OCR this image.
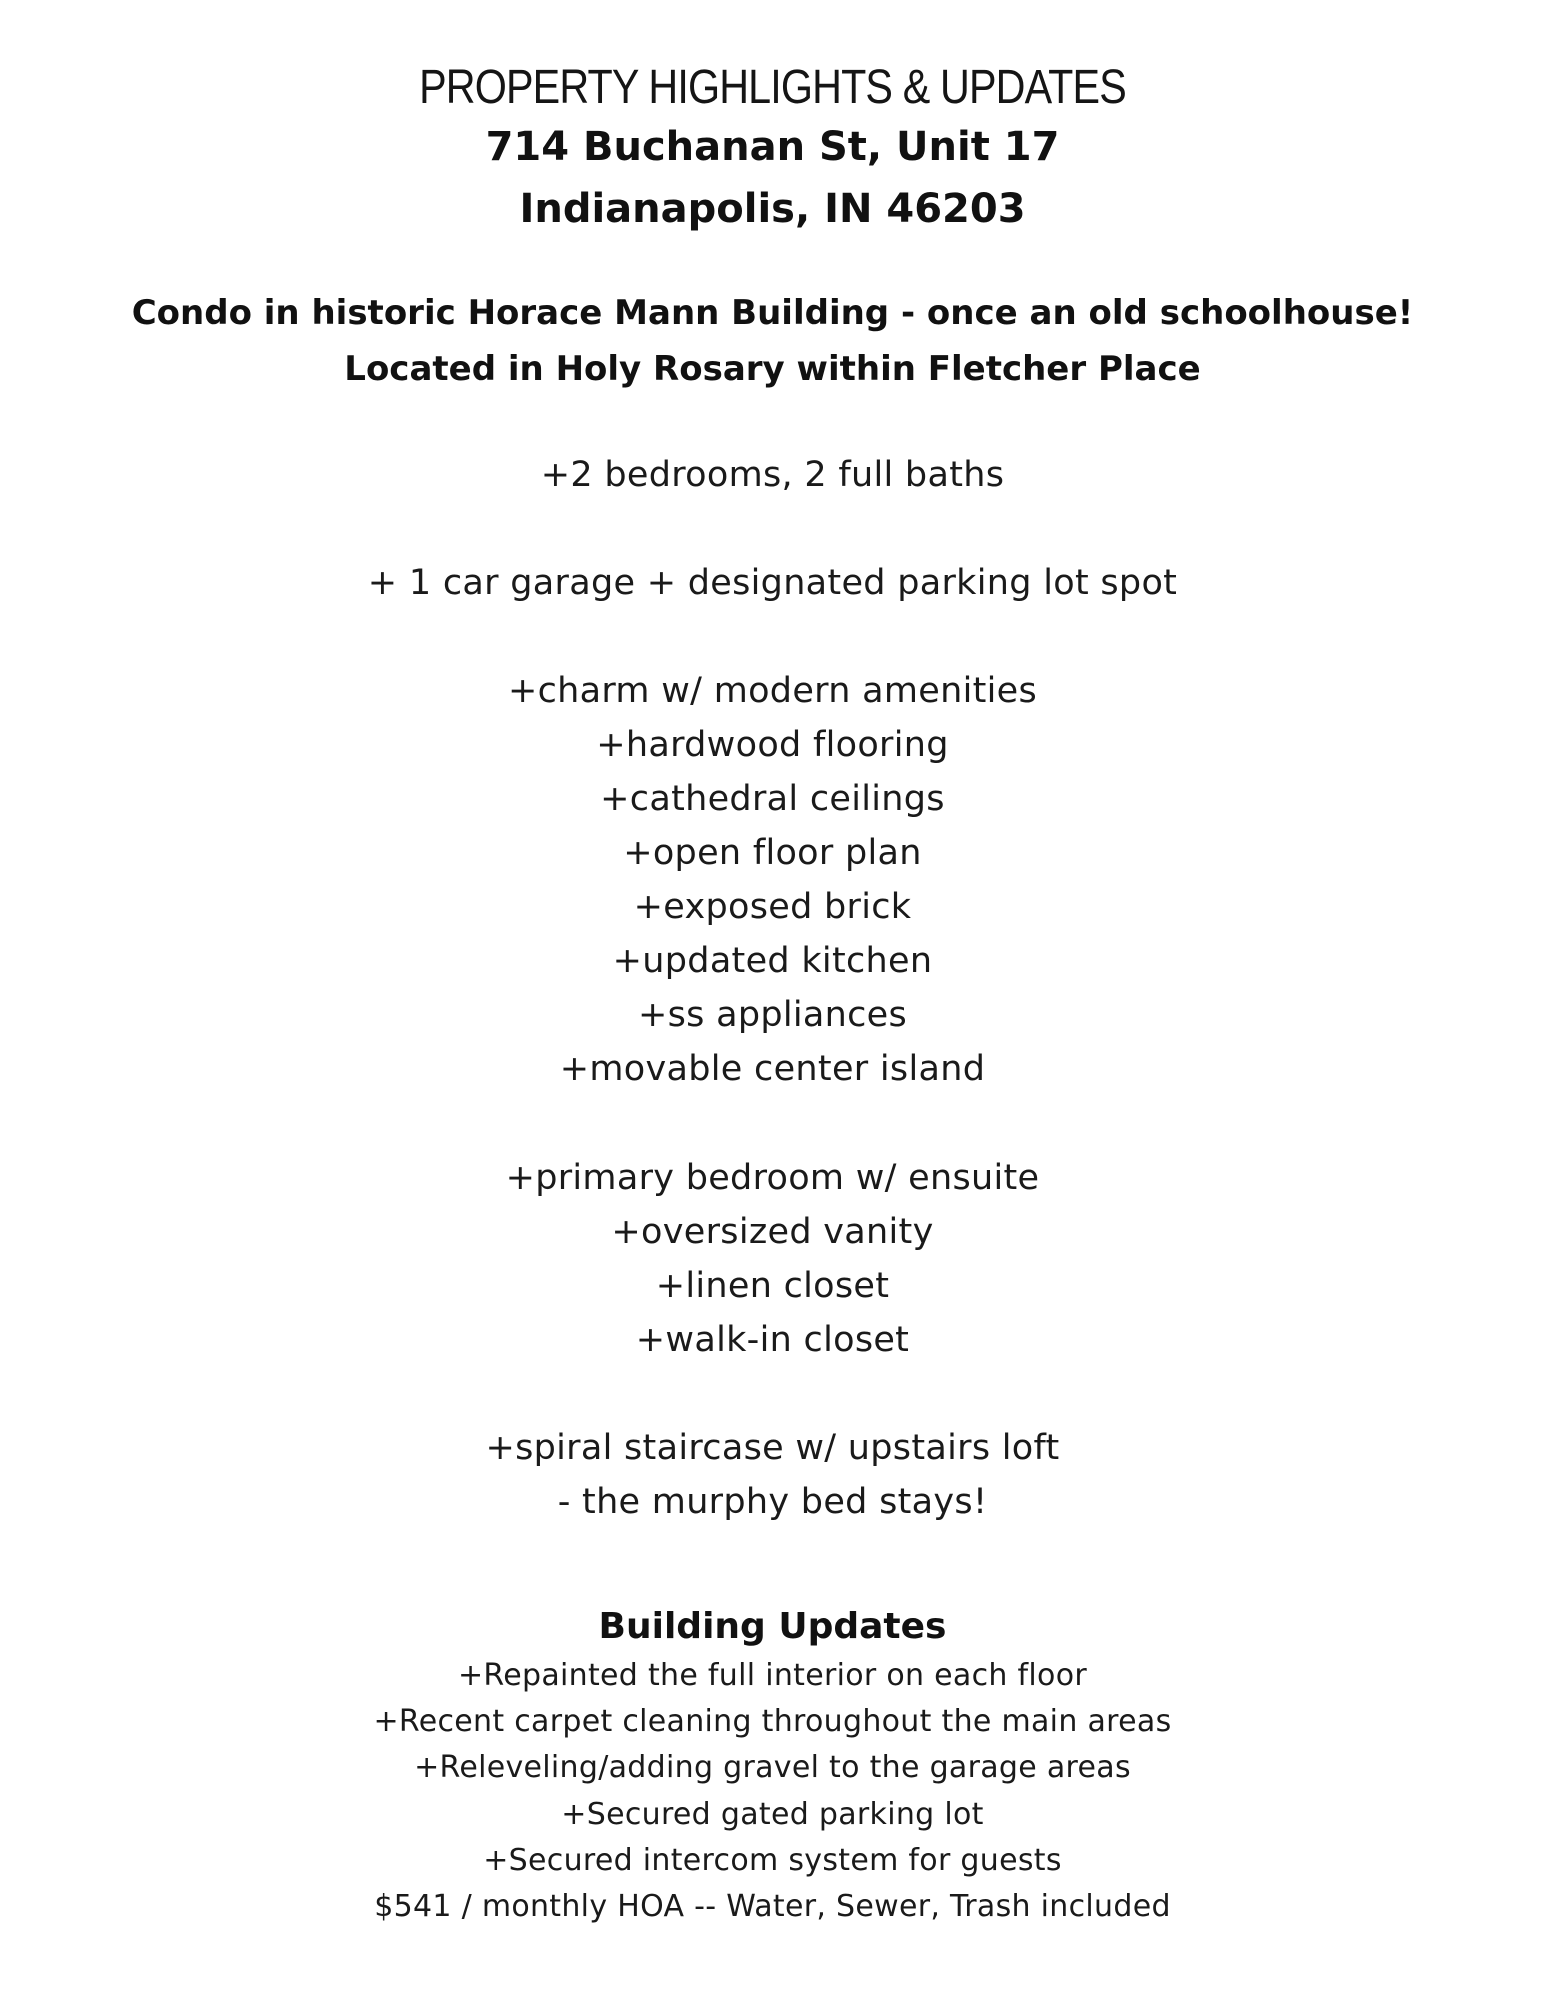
PROPERTY HIGHLIGHTS & UPDATES
714 Buchanan St, Unit 17
Indianapolis, IN 46203
Condo in historic Horace Mann Building - once an old schoolhouse!
Located in Holy Rosary within Fletcher Place
+2 bedrooms, 2 full baths
+ 1 car garage + designated parking lot spot
+charm w/ modern amenities
+hardwood flooring
+cathedral ceilings
+open floor plan
+exposed brick
+updated kitchen
+ss appliances
+movable center island
+primary bedroom w/ ensuite
+oversized vanity
+linen closet
+walk-in closet
+spiral staircase w/ upstairs loft
- the murphy bed stays!
Building Updates
+Repainted the full interior on each floor
+Recent carpet cleaning throughout the main areas
+Releveling/adding gravel to the garage areas
+Secured gated parking lot
+Secured intercom system for guests
$541 / monthly HOA -- Water, Sewer, Trash included
